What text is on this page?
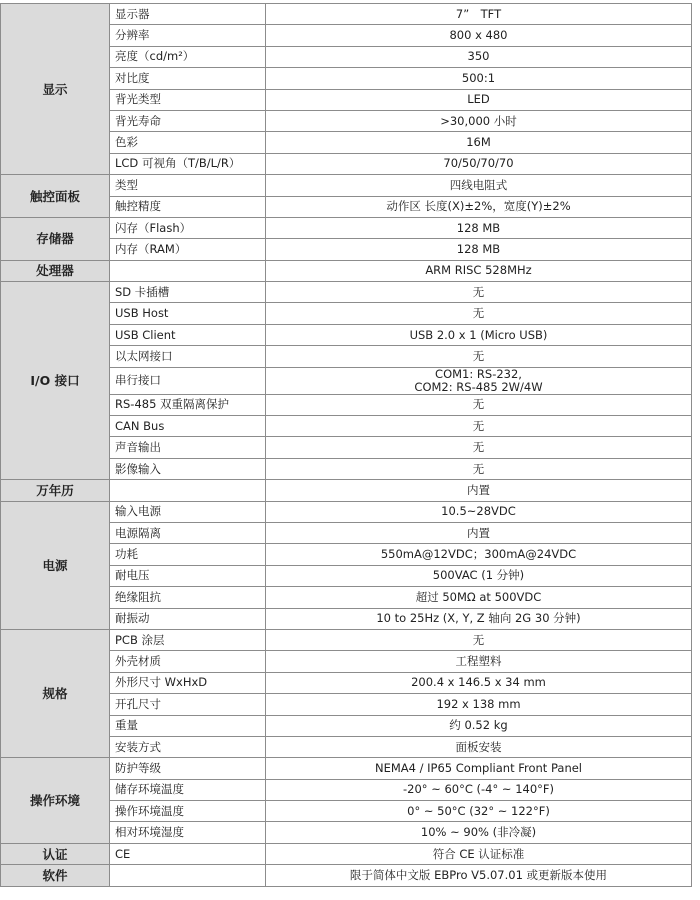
显示	显示器	7”　TFT
	分辨率	800 x 480
	亮度（cd/m²）	350
	对比度	500:1
	背光类型	LED
	背光寿命	>30,000 小时
	色彩	16M
	LCD 可视角（T/B/L/R）	70/50/70/70
触控面板	类型	四线电阻式
	触控精度	动作区 长度(X)±2%，宽度(Y)±2%
存储器	闪存（Flash）	128 MB
	内存（RAM）	128 MB
处理器		ARM RISC 528MHz
I/O 接口	SD 卡插槽	无
	USB Host	无
	USB Client	USB 2.0 x 1 (Micro USB)
	以太网接口	无
	串行接口	COM1: RS-232,
COM2: RS-485 2W/4W
	RS-485 双重隔离保护	无
	CAN Bus	无
	声音输出	无
	影像输入	无
万年历		内置
电源	输入电源	10.5~28VDC
	电源隔离	内置
	功耗	550mA@12VDC；300mA@24VDC
	耐电压	500VAC (1 分钟)
	绝缘阻抗	超过 50MΩ at 500VDC
	耐振动	10 to 25Hz (X, Y, Z 轴向 2G 30 分钟)
规格	PCB 涂层	无
	外壳材质	工程塑料
	外形尺寸 WxHxD	200.4 x 146.5 x 34 mm
	开孔尺寸	192 x 138 mm
	重量	约 0.52 kg
	安装方式	面板安装
操作环境	防护等级	NEMA4 / IP65 Compliant Front Panel
	储存环境温度	-20° ~ 60°C (-4° ~ 140°F)
	操作环境温度	0° ~ 50°C (32° ~ 122°F)
	相对环境湿度	10% ~ 90% (非冷凝)
认证	CE	符合 CE 认证标准
软件		限于简体中文版 EBPro V5.07.01 或更新版本使用
